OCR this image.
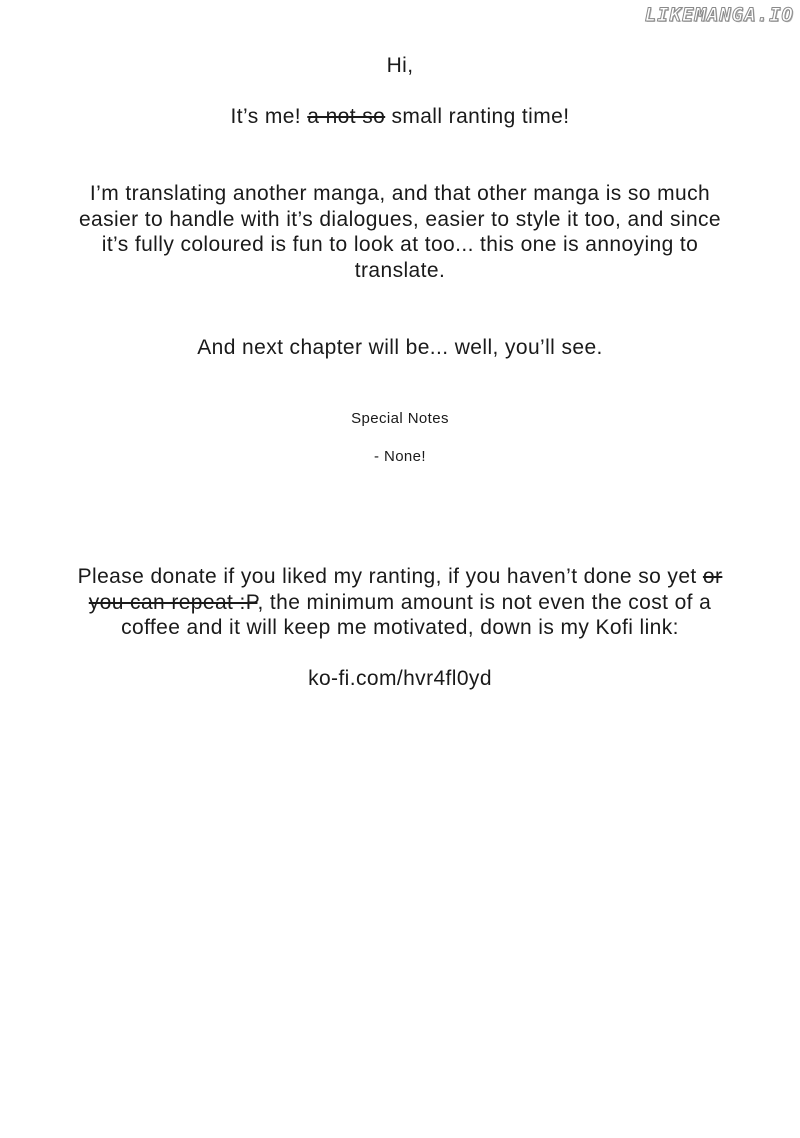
LIKEMANGA.IO
Hi,
It’s me! a not so small ranting time!
I’m translating another manga, and that other manga is so much
easier to handle with it’s dialogues, easier to style it too, and since
it’s fully coloured is fun to look at too... this one is annoying to
translate.
And next chapter will be... well, you’ll see.
Special Notes
- None!
Please donate if you liked my ranting, if you haven’t done so yet or
you can repeat :P, the minimum amount is not even the cost of a
coffee and it will keep me motivated, down is my Kofi link:
ko-fi.com/hvr4fl0yd
